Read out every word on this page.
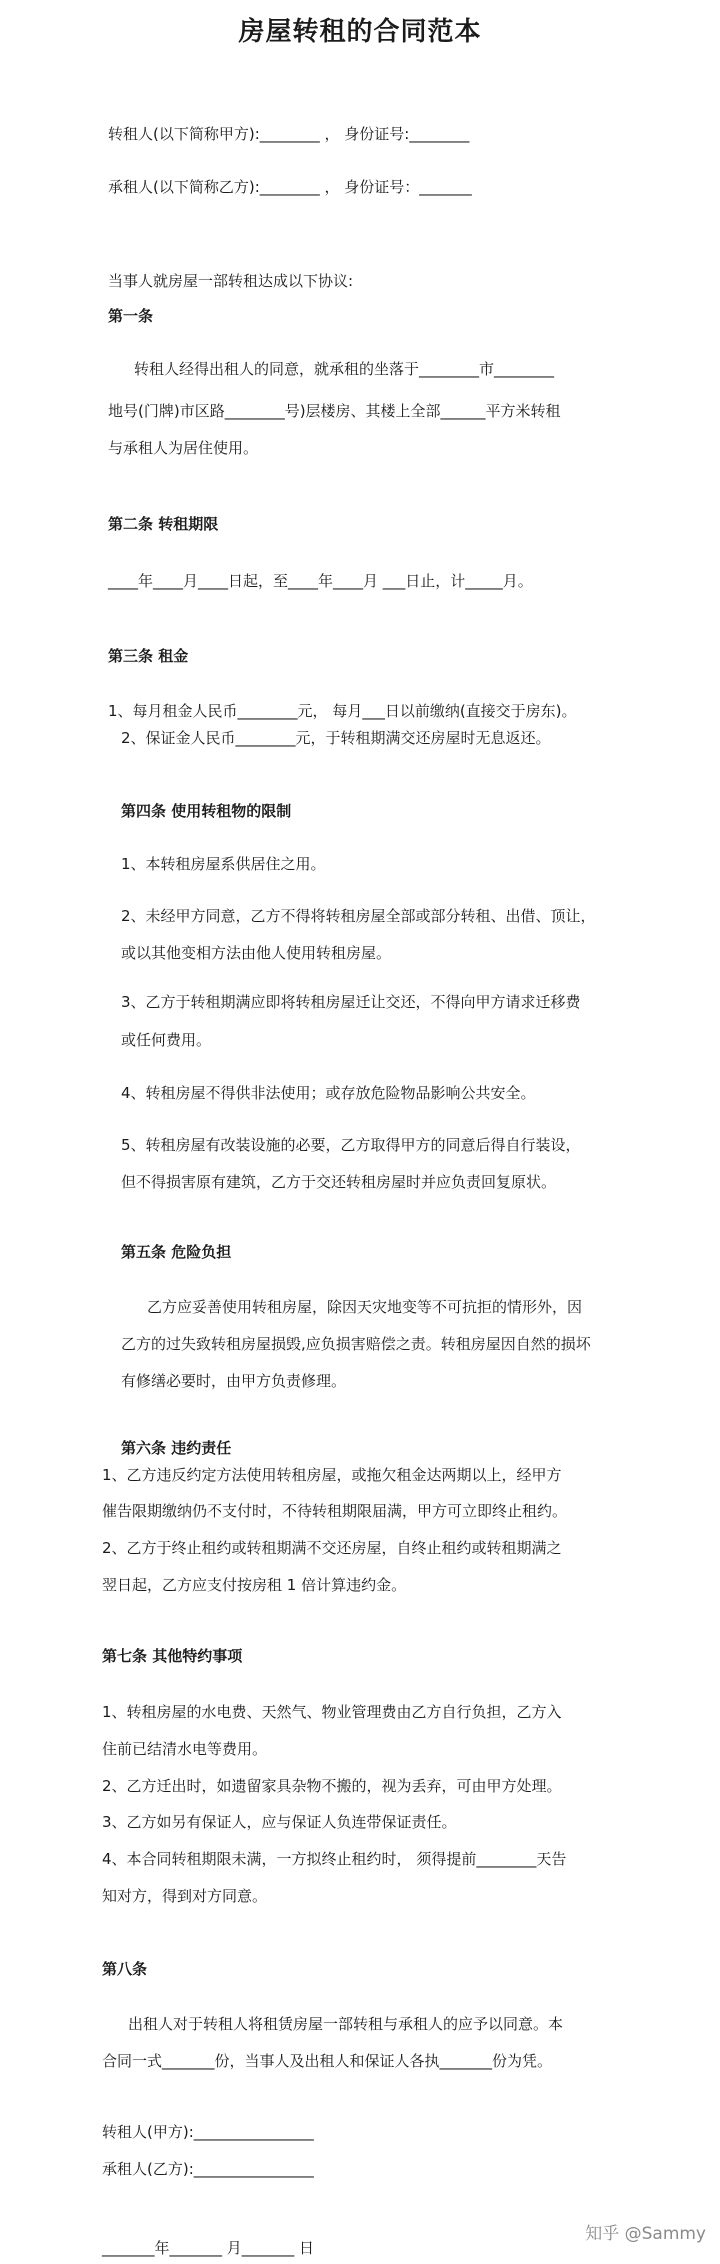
房屋转租的合同范本
转租人(以下简称甲方):________ ， 身份证号:________
承租人(以下简称乙方):________ ， 身份证号：_______
当事人就房屋一部转租达成以下协议:
第一条
转租人经得出租人的同意，就承租的坐落于________市________
地号(门牌)市区路________号)层楼房、其楼上全部______平方米转租
与承租人为居住使用。
第二条 转租期限
____年____月____日起，至____年____月 ___日止，计_____月。
第三条 租金
1、每月租金人民币________元， 每月___日以前缴纳(直接交于房东)。
2、保证金人民币________元，于转租期满交还房屋时无息返还。
第四条 使用转租物的限制
1、本转租房屋系供居住之用。
2、未经甲方同意，乙方不得将转租房屋全部或部分转租、出借、顶让，
或以其他变相方法由他人使用转租房屋。
3、乙方于转租期满应即将转租房屋迁让交还，不得向甲方请求迁移费
或任何费用。
4、转租房屋不得供非法使用；或存放危险物品影响公共安全。
5、转租房屋有改装设施的必要，乙方取得甲方的同意后得自行装设，
但不得损害原有建筑，乙方于交还转租房屋时并应负责回复原状。
第五条 危险负担
乙方应妥善使用转租房屋，除因天灾地变等不可抗拒的情形外，因
乙方的过失致转租房屋损毁,应负损害赔偿之责。转租房屋因自然的损坏
有修缮必要时，由甲方负责修理。
第六条 违约责任
1、乙方违反约定方法使用转租房屋，或拖欠租金达两期以上，经甲方
催告限期缴纳仍不支付时，不待转租期限届满，甲方可立即终止租约。
2、乙方于终止租约或转租期满不交还房屋，自终止租约或转租期满之
翌日起，乙方应支付按房租 1 倍计算违约金。
第七条 其他特约事项
1、转租房屋的水电费、天然气、物业管理费由乙方自行负担，乙方入
住前已结清水电等费用。
2、乙方迁出时，如遗留家具杂物不搬的，视为丢弃，可由甲方处理。
3、乙方如另有保证人，应与保证人负连带保证责任。
4、本合同转租期限未满，一方拟终止租约时， 须得提前________天告
知对方，得到对方同意。
第八条
出租人对于转租人将租赁房屋一部转租与承租人的应予以同意。本
合同一式_______份，当事人及出租人和保证人各执_______份为凭。
转租人(甲方):________________
承租人(乙方):________________
_______年_______ 月_______ 日
知乎 @Sammy
